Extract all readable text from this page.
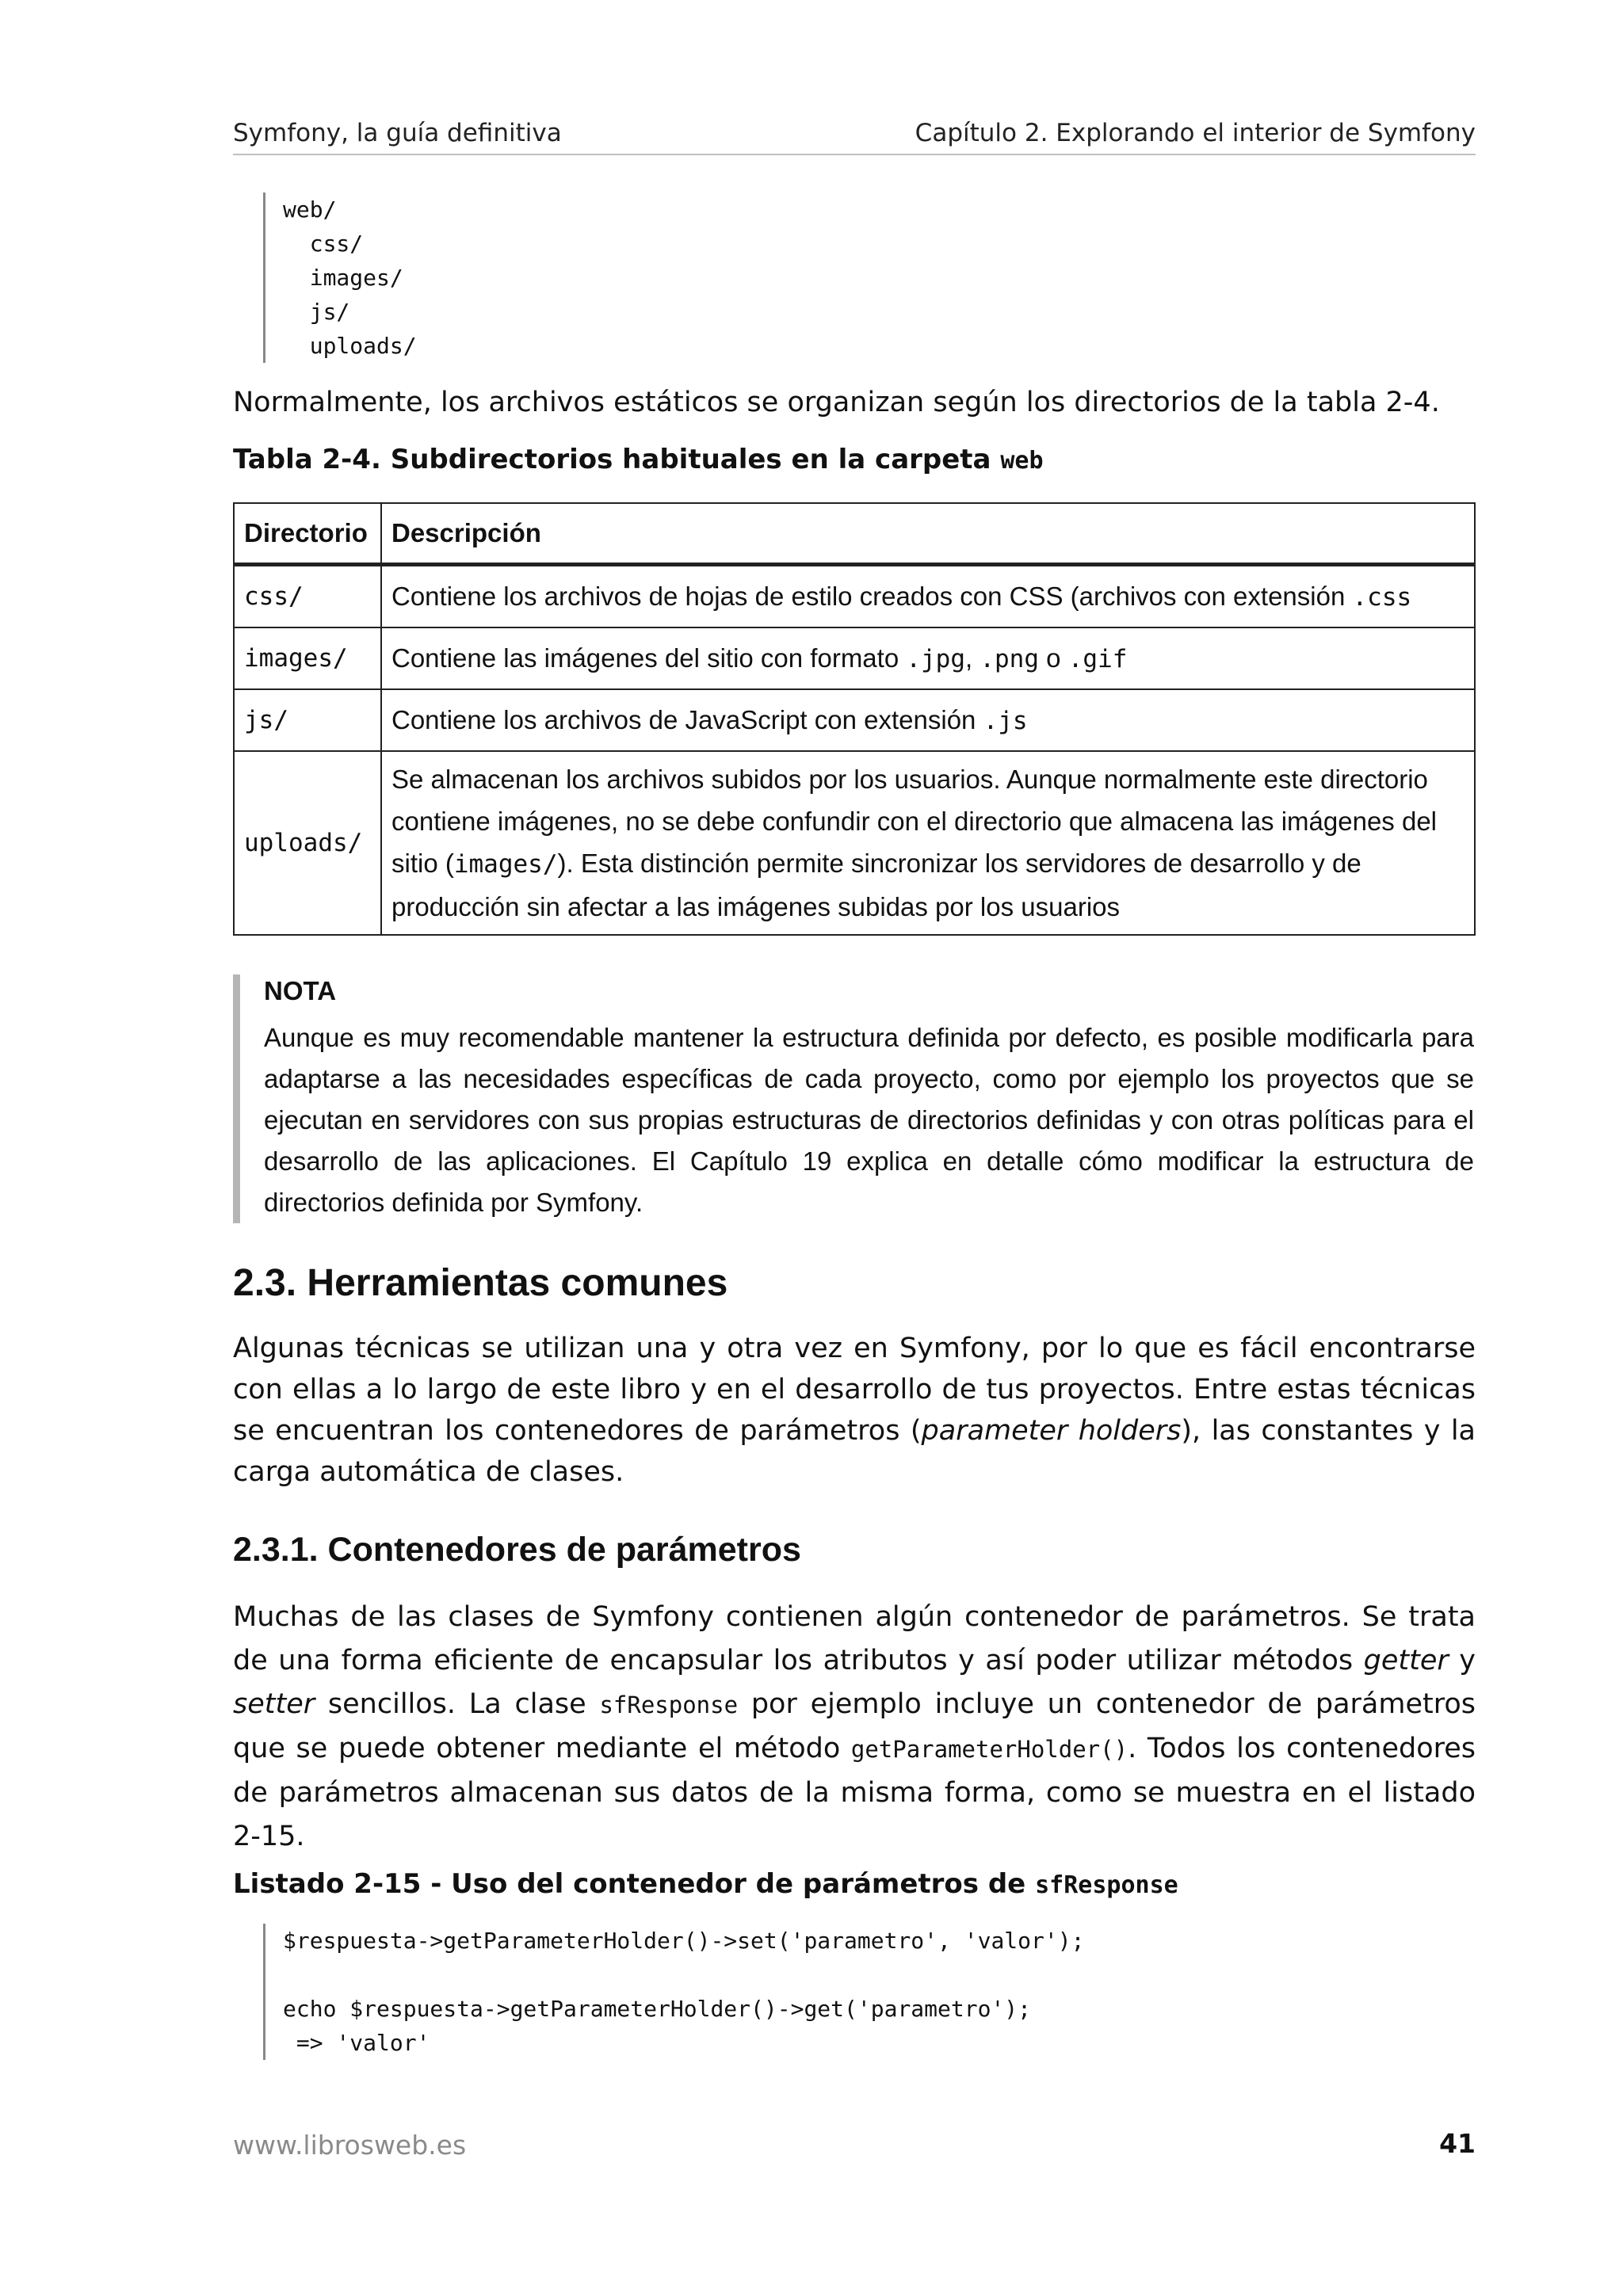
Symfony, la guía definitiva	Capítulo 2. Explorando el interior de Symfony
web/
css/
images/
js/
uploads/
Normalmente, los archivos estáticos se organizan según los directorios de la tabla 2-4.
Tabla 2-4. Subdirectorios habituales en la carpeta web
Directorio	Descripción
css/	Contiene los archivos de hojas de estilo creados con CSS (archivos con extensión .css
images/	Contiene las imágenes del sitio con formato .jpg, .png o .gif
js/	Contiene los archivos de JavaScript con extensión .js
uploads/	Se almacenan los archivos subidos por los usuarios. Aunque normalmente este directorio contiene imágenes, no se debe confundir con el directorio que almacena las imágenes del sitio (images/). Esta distinción permite sincronizar los servidores de desarrollo y de producción sin afectar a las imágenes subidas por los usuarios
NOTA
Aunque es muy recomendable mantener la estructura definida por defecto, es posible modificarla para adaptarse a las necesidades específicas de cada proyecto, como por ejemplo los proyectos que se ejecutan en servidores con sus propias estructuras de directorios definidas y con otras políticas para el desarrollo de las aplicaciones. El Capítulo 19 explica en detalle cómo modificar la estructura de directorios definida por Symfony.
2.3. Herramientas comunes
Algunas técnicas se utilizan una y otra vez en Symfony, por lo que es fácil encontrarse con ellas a lo largo de este libro y en el desarrollo de tus proyectos. Entre estas técnicas se encuentran los contenedores de parámetros (parameter holders), las constantes y la carga automática de clases.
2.3.1. Contenedores de parámetros
Muchas de las clases de Symfony contienen algún contenedor de parámetros. Se trata de una forma eficiente de encapsular los atributos y así poder utilizar métodos getter y setter sencillos. La clase sfResponse por ejemplo incluye un contenedor de parámetros que se puede obtener mediante el método getParameterHolder(). Todos los contenedores de parámetros almacenan sus datos de la misma forma, como se muestra en el listado 2-15.
Listado 2-15 - Uso del contenedor de parámetros de sfResponse
$respuesta->getParameterHolder()->set('parametro', 'valor');
echo $respuesta->getParameterHolder()->get('parametro');
=> 'valor'
www.librosweb.es	41
